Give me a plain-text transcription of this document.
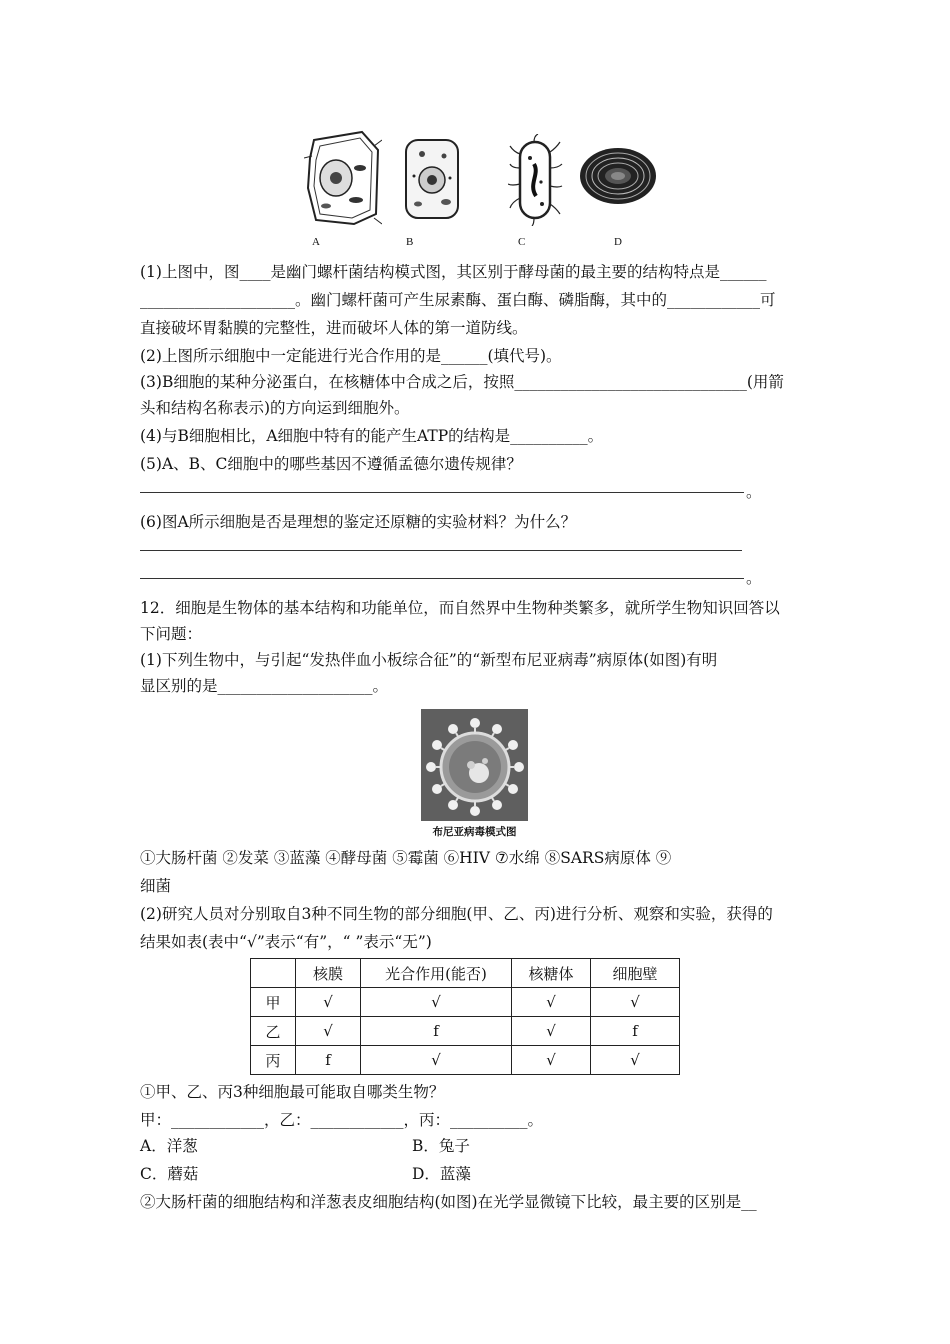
A	B	C	D
(1)上图中，图____是幽门螺杆菌结构模式图，其区别于酵母菌的最主要的结构特点是______
____________________。幽门螺杆菌可产生尿素酶、蛋白酶、磷脂酶，其中的____________可
直接破坏胃黏膜的完整性，进而破坏人体的第一道防线。
(2)上图所示细胞中一定能进行光合作用的是______(填代号)。
(3)B细胞的某种分泌蛋白，在核糖体中合成之后，按照______________________________(用箭
头和结构名称表示)的方向运到细胞外。
(4)与B细胞相比，A细胞中特有的能产生ATP的结构是__________。
(5)A、B、C细胞中的哪些基因不遵循孟德尔遗传规律？
。
(6)图A所示细胞是否是理想的鉴定还原糖的实验材料？为什么？
。
12．细胞是生物体的基本结构和功能单位，而自然界中生物种类繁多，就所学生物知识回答以
下问题：
(1)下列生物中，与引起“发热伴血小板综合征”的“新型布尼亚病毒”病原体(如图)有明
显区别的是____________________。
布尼亚病毒模式图
①大肠杆菌 ②发菜 ③蓝藻 ④酵母菌 ⑤霉菌 ⑥HIV ⑦水绵 ⑧SARS病原体 ⑨
细菌
(2)研究人员对分别取自3种不同生物的部分细胞(甲、乙、丙)进行分析、观察和实验，获得的
结果如表(表中“√”表示“有”，“ ”表示“无”)
	核膜	光合作用(能否)	核糖体	细胞壁
甲	√	√	√	√
乙	√	f	√	f
丙	f	√	√	√
①甲、乙、丙3种细胞最可能取自哪类生物？
甲：____________，乙：____________，丙：__________。
A．洋葱	B．兔子
C．蘑菇	D．蓝藻
②大肠杆菌的细胞结构和洋葱表皮细胞结构(如图)在光学显微镜下比较，最主要的区别是__
